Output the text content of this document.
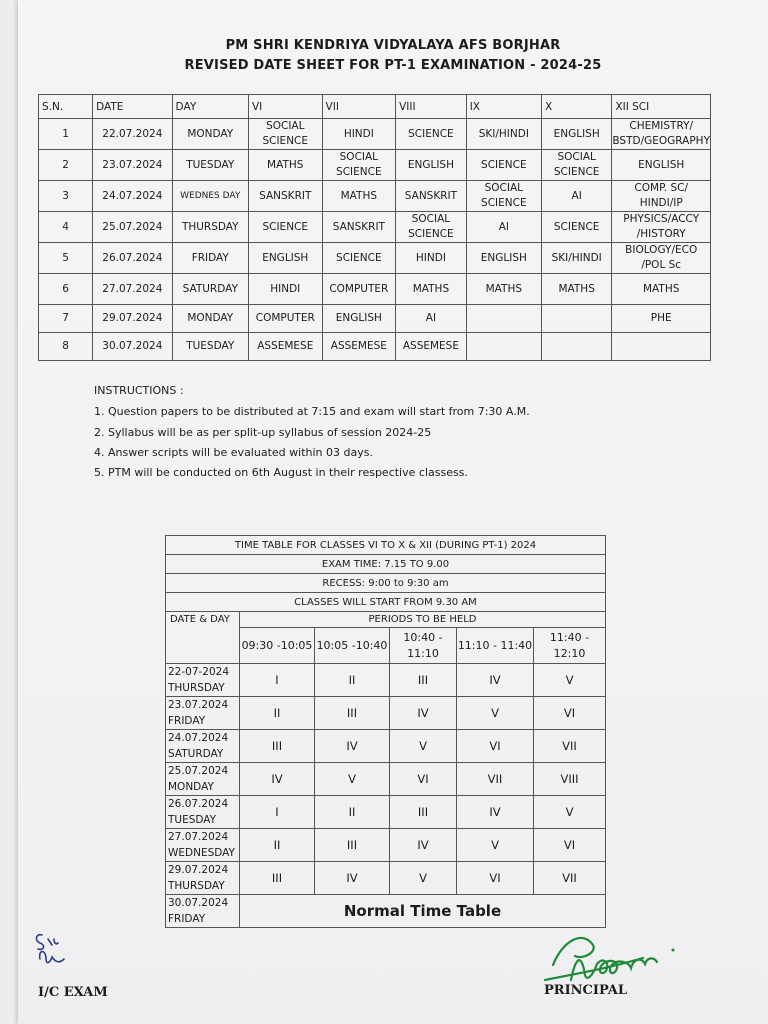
PM SHRI KENDRIYA VIDYALAYA AFS BORJHAR
REVISED DATE SHEET FOR PT-1 EXAMINATION - 2024-25
S.N.	DATE	DAY	VI	VII	VIII	IX	X	XII SCI
1	22.07.2024	MONDAY	SOCIAL SCIENCE	HINDI	SCIENCE	SKI/HINDI	ENGLISH	CHEMISTRY/ BSTD/GEOGRAPHY
2	23.07.2024	TUESDAY	MATHS	SOCIAL SCIENCE	ENGLISH	SCIENCE	SOCIAL SCIENCE	ENGLISH
3	24.07.2024	WEDNES DAY	SANSKRIT	MATHS	SANSKRIT	SOCIAL SCIENCE	AI	COMP. SC/ HINDI/IP
4	25.07.2024	THURSDAY	SCIENCE	SANSKRIT	SOCIAL SCIENCE	AI	SCIENCE	PHYSICS/ACCY /HISTORY
5	26.07.2024	FRIDAY	ENGLISH	SCIENCE	HINDI	ENGLISH	SKI/HINDI	BIOLOGY/ECO /POL Sc
6	27.07.2024	SATURDAY	HINDI	COMPUTER	MATHS	MATHS	MATHS	MATHS
7	29.07.2024	MONDAY	COMPUTER	ENGLISH	AI			PHE
8	30.07.2024	TUESDAY	ASSEMESE	ASSEMESE	ASSEMESE			
INSTRUCTIONS :
1. Question papers to be distributed at 7:15 and exam will start from 7:30 A.M.
2. Syllabus will be as per split-up syllabus of session 2024-25
4. Answer scripts will be evaluated within 03 days.
5. PTM will be conducted on 6th August in their respective classess.
TIME TABLE FOR CLASSES VI TO X & XII (DURING PT-1) 2024					
EXAM TIME: 7.15 TO 9.00					
RECESS: 9:00 to 9:30 am					
CLASSES WILL START FROM 9.30 AM					
DATE & DAY	PERIODS TO BE HELD				
	09:30 -10:05	10:05 -10:40	10:40 - 11:10	11:10 - 11:40	11:40 - 12:10
22-07-2024
THURSDAY	I	II	III	IV	V
23.07.2024
FRIDAY	II	III	IV	V	VI
24.07.2024
SATURDAY	III	IV	V	VI	VII
25.07.2024
MONDAY	IV	V	VI	VII	VIII
26.07.2024
TUESDAY	I	II	III	IV	V
27.07.2024
WEDNESDAY	II	III	IV	V	VI
29.07.2024
THURSDAY	III	IV	V	VI	VII
30.07.2024
FRIDAY	Normal Time Table				
I/C EXAM	PRINCIPAL
